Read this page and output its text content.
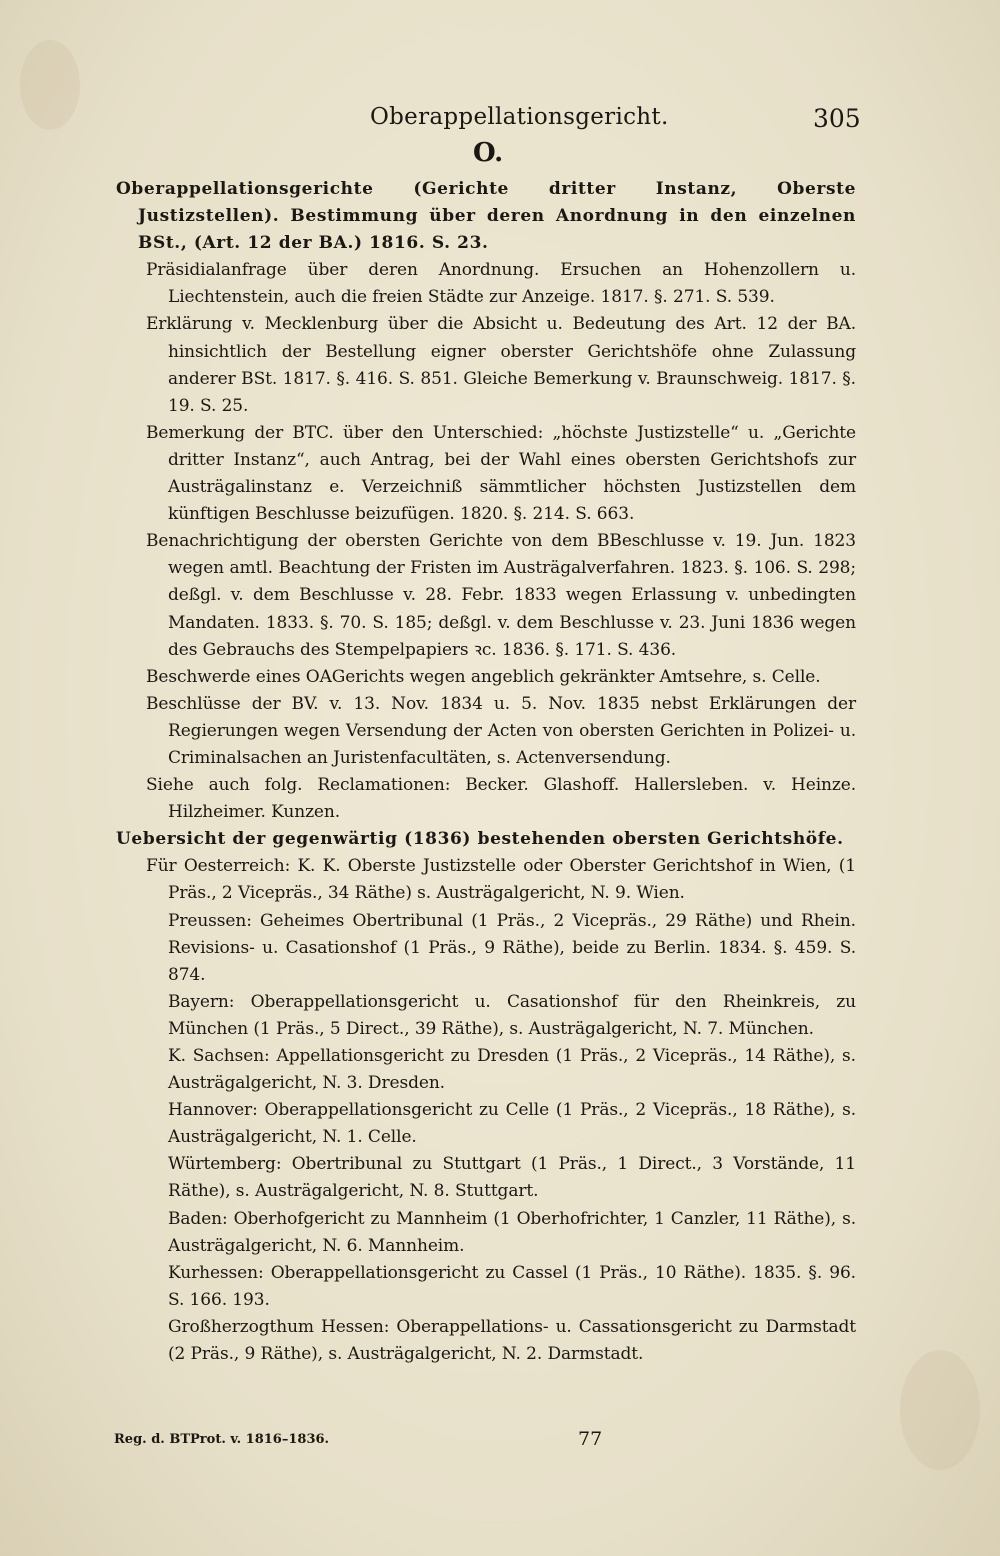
Oberappellationsgericht.	305
O.

Oberappellationsgerichte (Gerichte dritter Instanz, Oberste Justizstellen). Bestimmung über deren Anordnung in den einzelnen BSt., (Art. 12 der BA.) 1816. S. 23.

Präsidialanfrage über deren Anordnung. Ersuchen an Hohenzollern u. Liechtenstein, auch die freien Städte zur Anzeige. 1817. §. 271. S. 539.

Erklärung v. Mecklenburg über die Absicht u. Bedeutung des Art. 12 der BA. hinsichtlich der Bestellung eigner oberster Gerichtshöfe ohne Zulassung anderer BSt. 1817. §. 416. S. 851. Gleiche Bemerkung v. Braunschweig. 1817. §. 19. S. 25.

Bemerkung der BTC. über den Unterschied: „höchste Justizstelle“ u. „Gerichte dritter Instanz“, auch Antrag, bei der Wahl eines obersten Gerichtshofs zur Austrägalinstanz e. Verzeichniß sämmtlicher höchsten Justizstellen dem künftigen Beschlusse beizufügen. 1820. §. 214. S. 663.

Benachrichtigung der obersten Gerichte von dem BBeschlusse v. 19. Jun. 1823 wegen amtl. Beachtung der Fristen im Austrägalverfahren. 1823. §. 106. S. 298; deßgl. v. dem Beschlusse v. 28. Febr. 1833 wegen Erlassung v. unbedingten Mandaten. 1833. §. 70. S. 185; deßgl. v. dem Beschlusse v. 23. Juni 1836 wegen des Gebrauchs des Stempelpapiers ꝛc. 1836. §. 171. S. 436.

Beschwerde eines OAGerichts wegen angeblich gekränkter Amtsehre, s. Celle.

Beschlüsse der BV. v. 13. Nov. 1834 u. 5. Nov. 1835 nebst Erklärungen der Regierungen wegen Versendung der Acten von obersten Gerichten in Polizei- u. Criminalsachen an Juristenfacultäten, s. Actenversendung.

Siehe auch folg. Reclamationen: Becker. Glashoff. Hallersleben. v. Heinze. Hilzheimer. Kunzen.

Uebersicht der gegenwärtig (1836) bestehenden obersten Gerichtshöfe.

Für Oesterreich: K. K. Oberste Justizstelle oder Oberster Gerichtshof in Wien, (1 Präs., 2 Vicepräs., 34 Räthe) s. Austrägalgericht, N. 9. Wien.

Preussen: Geheimes Obertribunal (1 Präs., 2 Vicepräs., 29 Räthe) und Rhein. Revisions- u. Casationshof (1 Präs., 9 Räthe), beide zu Berlin. 1834. §. 459. S. 874.

Bayern: Oberappellationsgericht u. Casationshof für den Rheinkreis, zu München (1 Präs., 5 Direct., 39 Räthe), s. Austrägalgericht, N. 7. München.

K. Sachsen: Appellationsgericht zu Dresden (1 Präs., 2 Vicepräs., 14 Räthe), s. Austrägalgericht, N. 3. Dresden.

Hannover: Oberappellationsgericht zu Celle (1 Präs., 2 Vicepräs., 18 Räthe), s. Austrägalgericht, N. 1. Celle.

Würtemberg: Obertribunal zu Stuttgart (1 Präs., 1 Direct., 3 Vorstände, 11 Räthe), s. Austrägalgericht, N. 8. Stuttgart.

Baden: Oberhofgericht zu Mannheim (1 Oberhofrichter, 1 Canzler, 11 Räthe), s. Austrägalgericht, N. 6. Mannheim.

Kurhessen: Oberappellationsgericht zu Cassel (1 Präs., 10 Räthe). 1835. §. 96. S. 166. 193.

Großherzogthum Hessen: Oberappellations- u. Cassationsgericht zu Darmstadt (2 Präs., 9 Räthe), s. Austrägalgericht, N. 2. Darmstadt.

Reg. d. BTProt. v. 1816–1836.	77
